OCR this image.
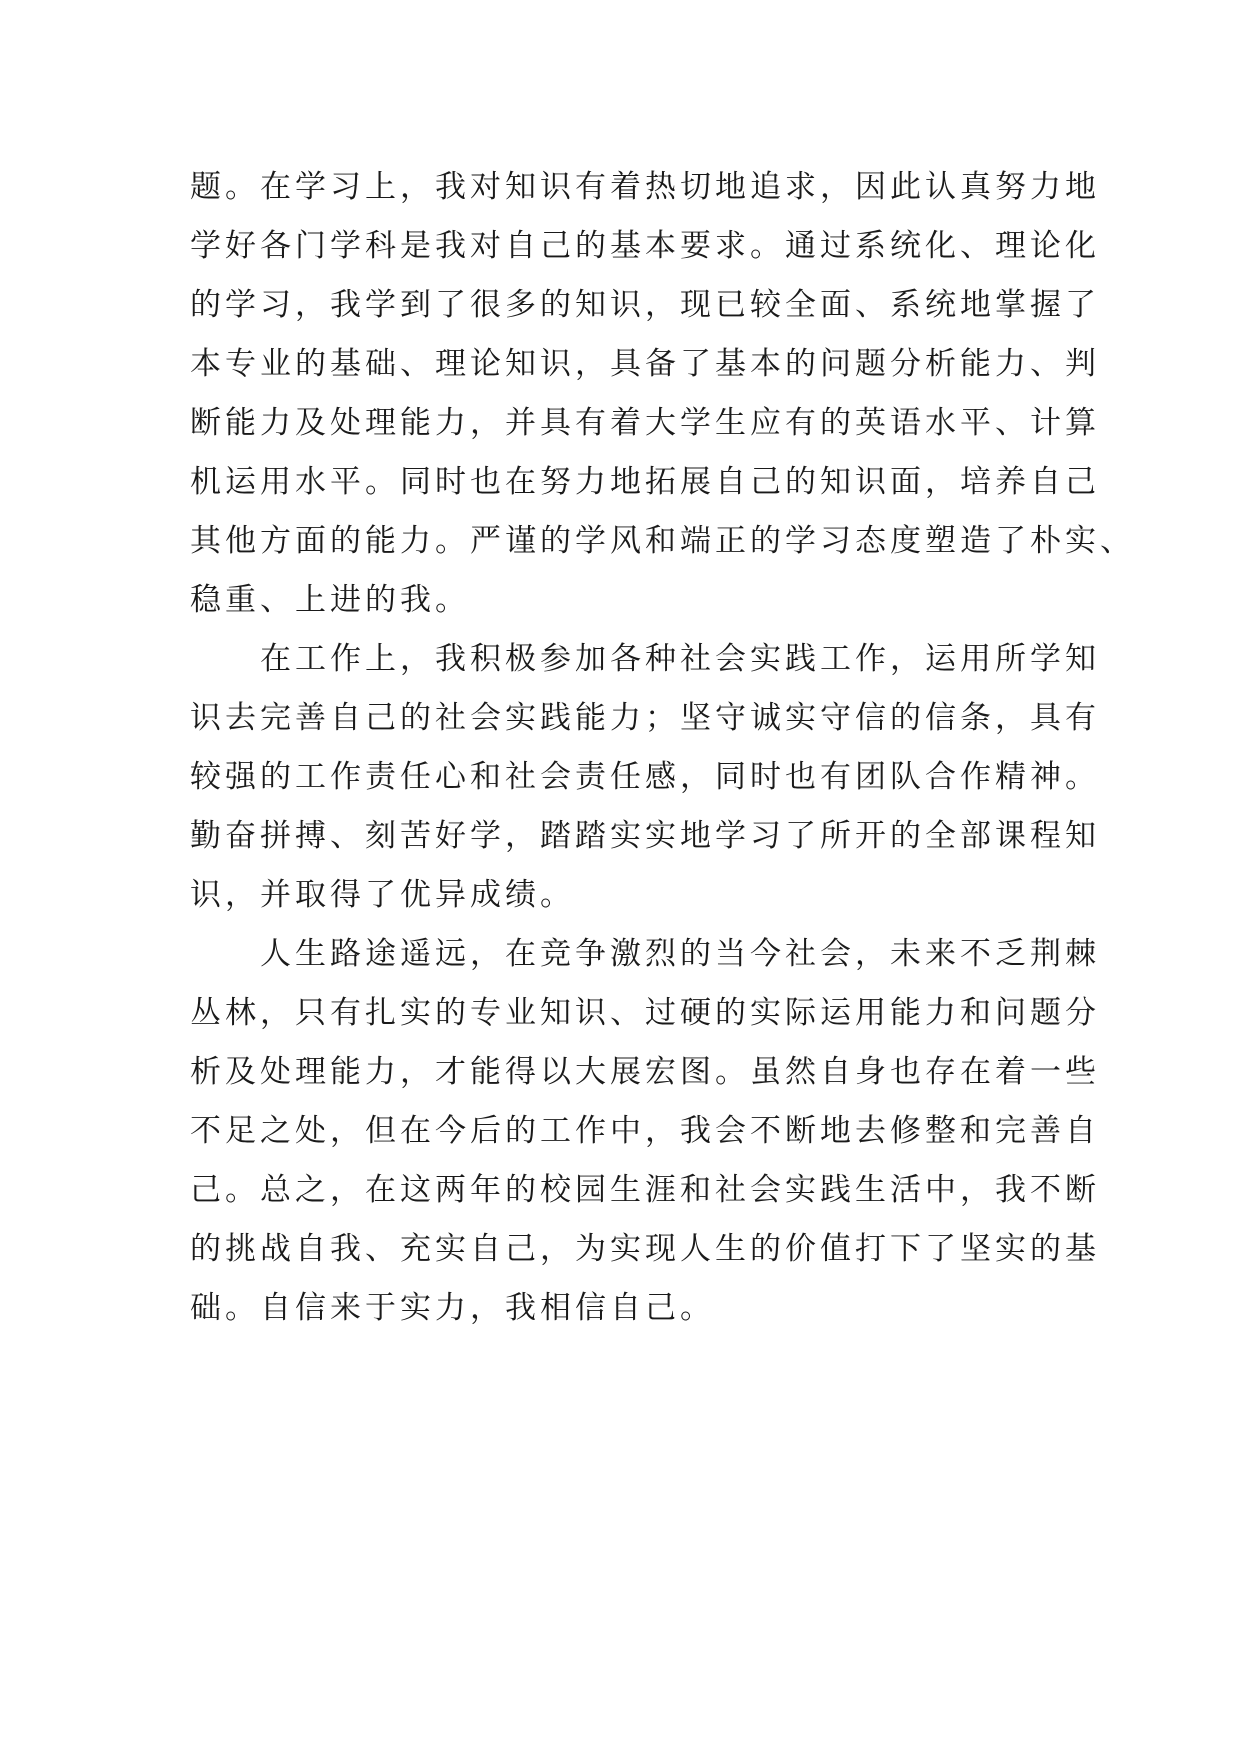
题。在学习上，我对知识有着热切地追求，因此认真努力地
学好各门学科是我对自己的基本要求。通过系统化、理论化
的学习，我学到了很多的知识，现已较全面、系统地掌握了
本专业的基础、理论知识，具备了基本的问题分析能力、判
断能力及处理能力，并具有着大学生应有的英语水平、计算
机运用水平。同时也在努力地拓展自己的知识面，培养自己
其他方面的能力。严谨的学风和端正的学习态度塑造了朴实、
稳重、上进的我。
在工作上，我积极参加各种社会实践工作，运用所学知
识去完善自己的社会实践能力；坚守诚实守信的信条，具有
较强的工作责任心和社会责任感，同时也有团队合作精神。
勤奋拼搏、刻苦好学，踏踏实实地学习了所开的全部课程知
识，并取得了优异成绩。
人生路途遥远，在竞争激烈的当今社会，未来不乏荆棘
丛林，只有扎实的专业知识、过硬的实际运用能力和问题分
析及处理能力，才能得以大展宏图。虽然自身也存在着一些
不足之处，但在今后的工作中，我会不断地去修整和完善自
己。总之，在这两年的校园生涯和社会实践生活中，我不断
的挑战自我、充实自己，为实现人生的价值打下了坚实的基
础。自信来于实力，我相信自己。
